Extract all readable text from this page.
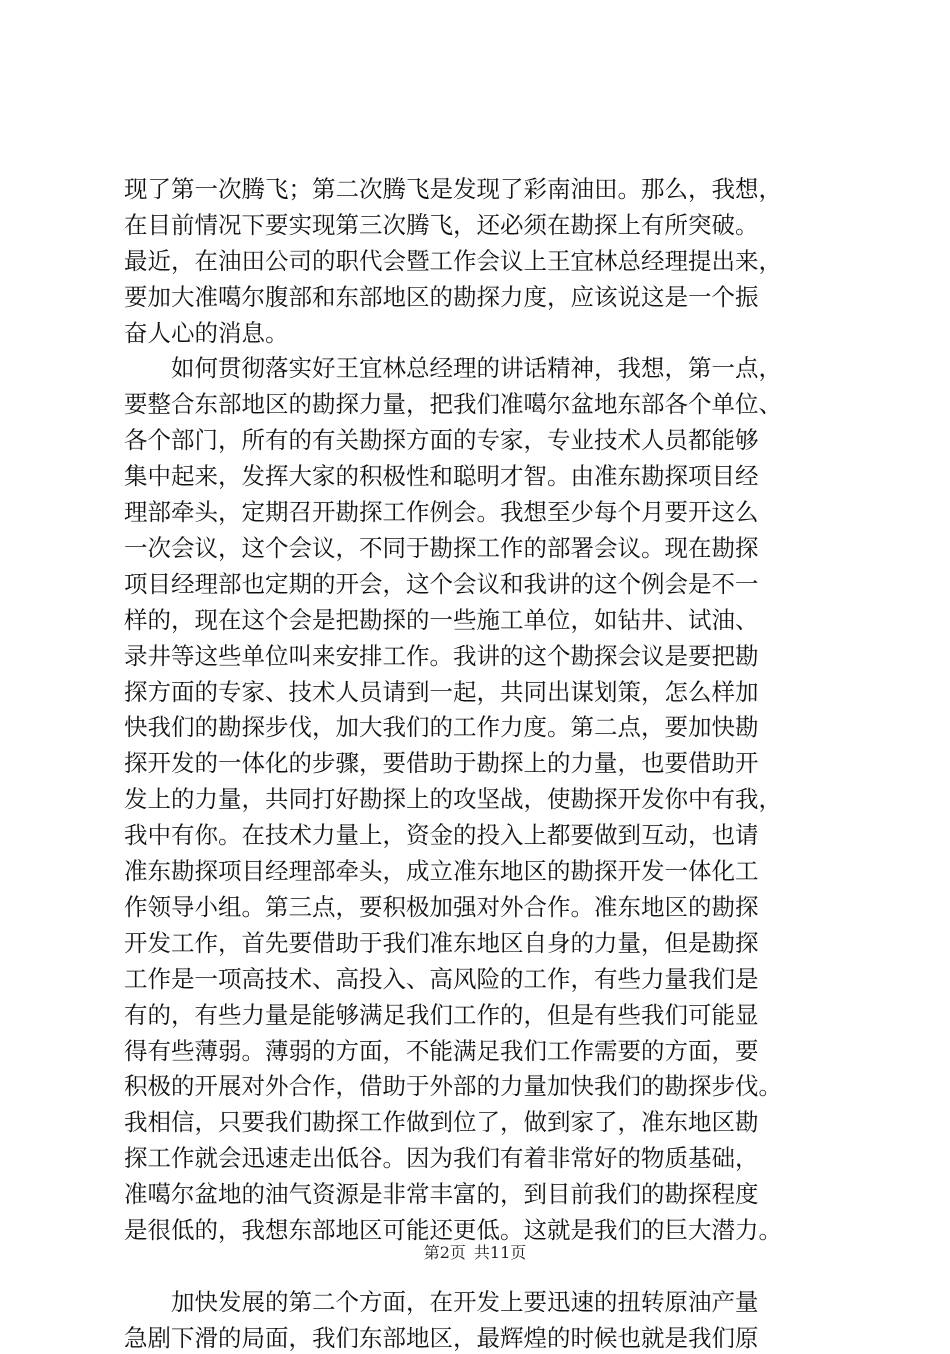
现了第一次腾飞；第二次腾飞是发现了彩南油田。那么，我想，
在目前情况下要实现第三次腾飞，还必须在勘探上有所突破。
最近，在油田公司的职代会暨工作会议上王宜林总经理提出来，
要加大准噶尔腹部和东部地区的勘探力度，应该说这是一个振
奋人心的消息。
　　如何贯彻落实好王宜林总经理的讲话精神，我想，第一点，
要整合东部地区的勘探力量，把我们准噶尔盆地东部各个单位、
各个部门，所有的有关勘探方面的专家，专业技术人员都能够
集中起来，发挥大家的积极性和聪明才智。由准东勘探项目经
理部牵头，定期召开勘探工作例会。我想至少每个月要开这么
一次会议，这个会议，不同于勘探工作的部署会议。现在勘探
项目经理部也定期的开会，这个会议和我讲的这个例会是不一
样的，现在这个会是把勘探的一些施工单位，如钻井、试油、
录井等这些单位叫来安排工作。我讲的这个勘探会议是要把勘
探方面的专家、技术人员请到一起，共同出谋划策，怎么样加
快我们的勘探步伐，加大我们的工作力度。第二点，要加快勘
探开发的一体化的步骤，要借助于勘探上的力量，也要借助开
发上的力量，共同打好勘探上的攻坚战，使勘探开发你中有我，
我中有你。在技术力量上，资金的投入上都要做到互动，也请
准东勘探项目经理部牵头，成立准东地区的勘探开发一体化工
作领导小组。第三点，要积极加强对外合作。准东地区的勘探
开发工作，首先要借助于我们准东地区自身的力量，但是勘探
工作是一项高技术、高投入、高风险的工作，有些力量我们是
有的，有些力量是能够满足我们工作的，但是有些我们可能显
得有些薄弱。薄弱的方面，不能满足我们工作需要的方面，要
积极的开展对外合作，借助于外部的力量加快我们的勘探步伐。
我相信，只要我们勘探工作做到位了，做到家了，准东地区勘
探工作就会迅速走出低谷。因为我们有着非常好的物质基础，
准噶尔盆地的油气资源是非常丰富的，到目前我们的勘探程度
是很低的，我想东部地区可能还更低。这就是我们的巨大潜力。
　　加快发展的第二个方面，在开发上要迅速的扭转原油产量
急剧下滑的局面，我们东部地区，最辉煌的时候也就是我们原
第2页 共11页
